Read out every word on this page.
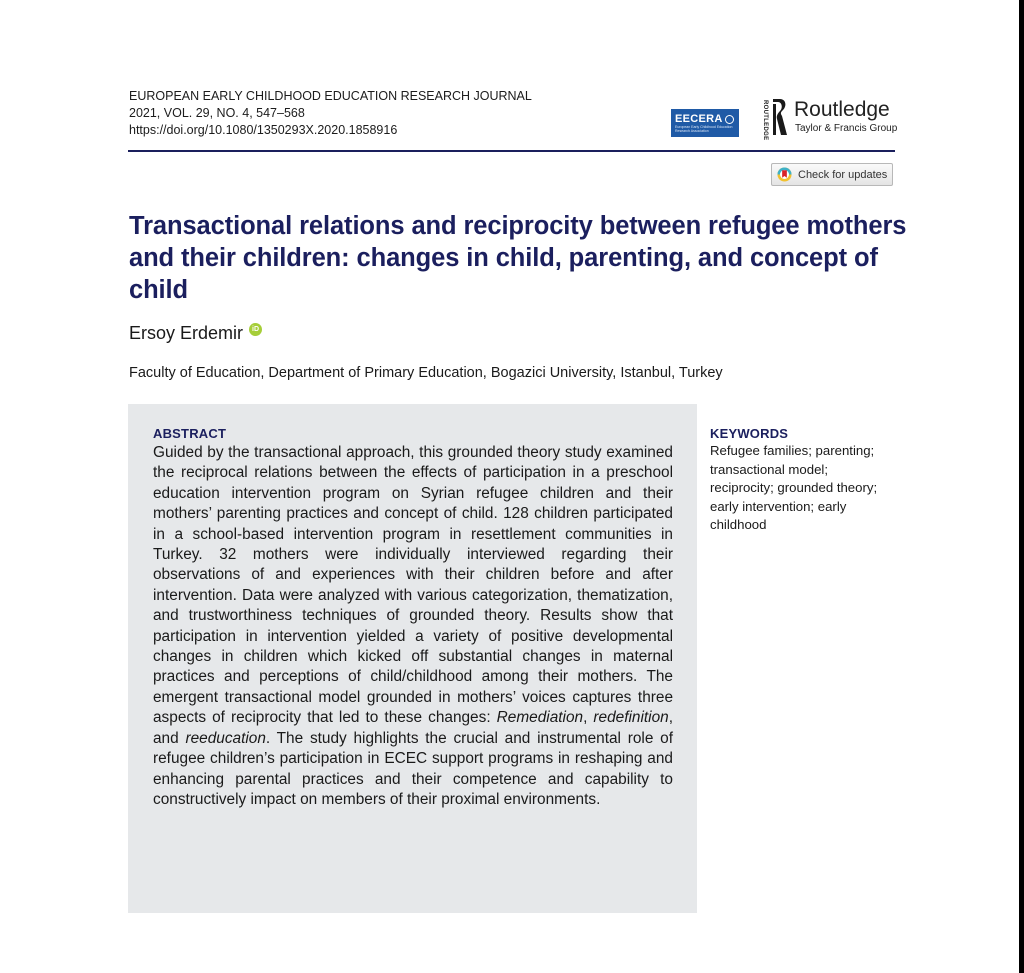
EUROPEAN EARLY CHILDHOOD EDUCATION RESEARCH JOURNAL
2021, VOL. 29, NO. 4, 547–568
https://doi.org/10.1080/1350293X.2020.1858916
EECERA
European Early Childhood Education Research Association	ROUTLEDGE Routledge
Taylor & Francis Group
Check for updates
Transactional relations and reciprocity between refugee mothers and their children: changes in child, parenting, and concept of child
Ersoy Erdemir	iD
Faculty of Education, Department of Primary Education, Bogazici University, Istanbul, Turkey
ABSTRACT
Guided by the transactional approach, this grounded theory study examined the reciprocal relations between the effects of participation in a preschool education intervention program on Syrian refugee children and their mothers’ parenting practices and concept of child. 128 children participated in a school-based intervention program in resettlement communities in Turkey. 32 mothers were individually interviewed regarding their observations of and experiences with their children before and after intervention. Data were analyzed with various categorization, thematization, and trustworthiness techniques of grounded theory. Results show that participation in intervention yielded a variety of positive developmental changes in children which kicked off substantial changes in maternal practices and perceptions of child/childhood among their mothers. The emergent transactional model grounded in mothers’ voices captures three aspects of reciprocity that led to these changes: Remediation, redefinition, and reeducation. The study highlights the crucial and instrumental role of refugee children’s participation in ECEC support programs in reshaping and enhancing parental practices and their competence and capability to constructively impact on members of their proximal environments.
KEYWORDS
Refugee families; parenting;
transactional model;
reciprocity; grounded theory;
early intervention; early
childhood
